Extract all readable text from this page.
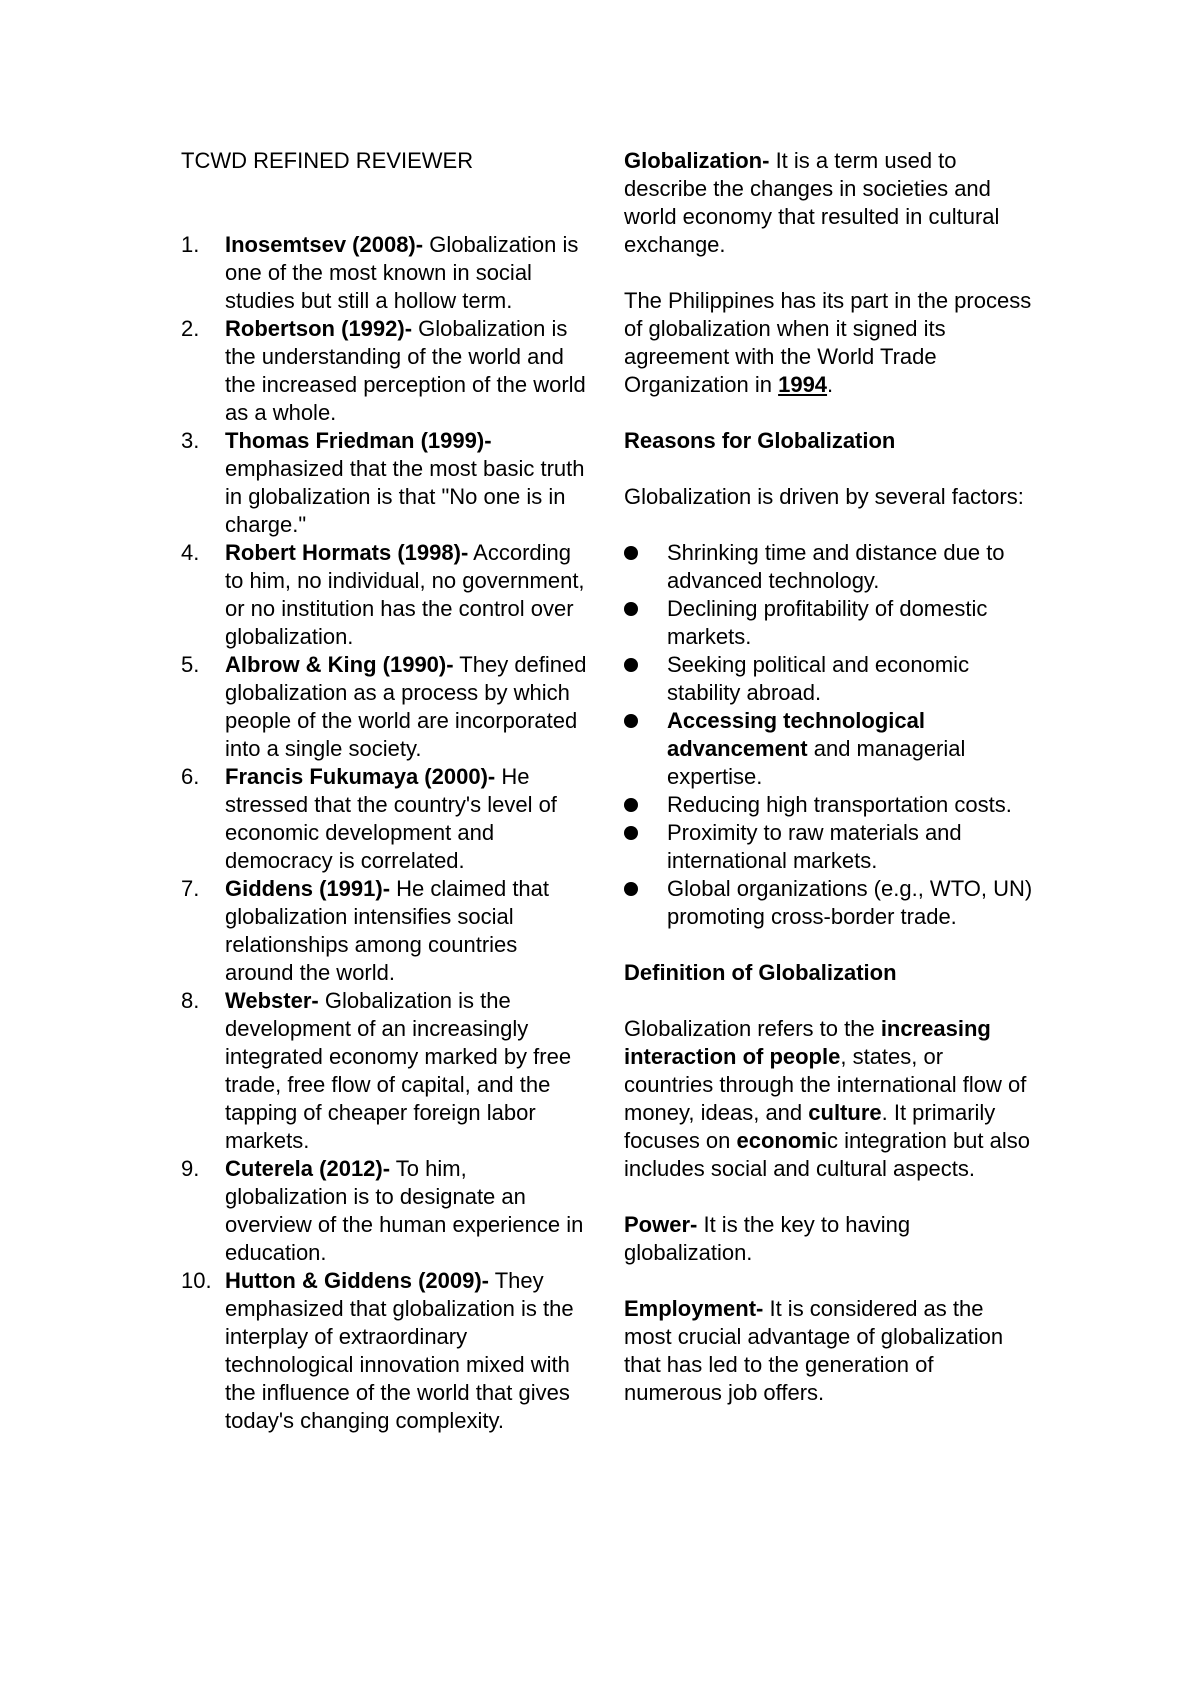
TCWD REFINED REVIEWER
1. Inosemtsev (2008)- Globalization is one of the most known in social studies but still a hollow term.
2. Robertson (1992)- Globalization is the understanding of the world and the increased perception of the world as a whole.
3. Thomas Friedman (1999)- emphasized that the most basic truth in globalization is that "No one is in charge."
4. Robert Hormats (1998)- According to him, no individual, no government, or no institution has the control over globalization.
5. Albrow & King (1990)- They defined globalization as a process by which people of the world are incorporated into a single society.
6. Francis Fukumaya (2000)- He stressed that the country's level of economic development and democracy is correlated.
7. Giddens (1991)- He claimed that globalization intensifies social relationships among countries around the world.
8. Webster- Globalization is the development of an increasingly integrated economy marked by free trade, free flow of capital, and the tapping of cheaper foreign labor markets.
9. Cuterela (2012)- To him, globalization is to designate an overview of the human experience in education.
10. Hutton & Giddens (2009)- They emphasized that globalization is the interplay of extraordinary technological innovation mixed with the influence of the world that gives today's changing complexity.

Globalization- It is a term used to describe the changes in societies and world economy that resulted in cultural exchange.

The Philippines has its part in the process of globalization when it signed its agreement with the World Trade Organization in 1994.

Reasons for Globalization

Globalization is driven by several factors:

Shrinking time and distance due to advanced technology.
Declining profitability of domestic markets.
Seeking political and economic stability abroad.
Accessing technological advancement and managerial expertise.
Reducing high transportation costs.
Proximity to raw materials and international markets.
Global organizations (e.g., WTO, UN) promoting cross-border trade.
Definition of Globalization

Globalization refers to the increasing interaction of people, states, or countries through the international flow of money, ideas, and culture. It primarily focuses on economic integration but also includes social and cultural aspects.

Power- It is the key to having globalization.

Employment- It is considered as the most crucial advantage of globalization that has led to the generation of numerous job offers.
